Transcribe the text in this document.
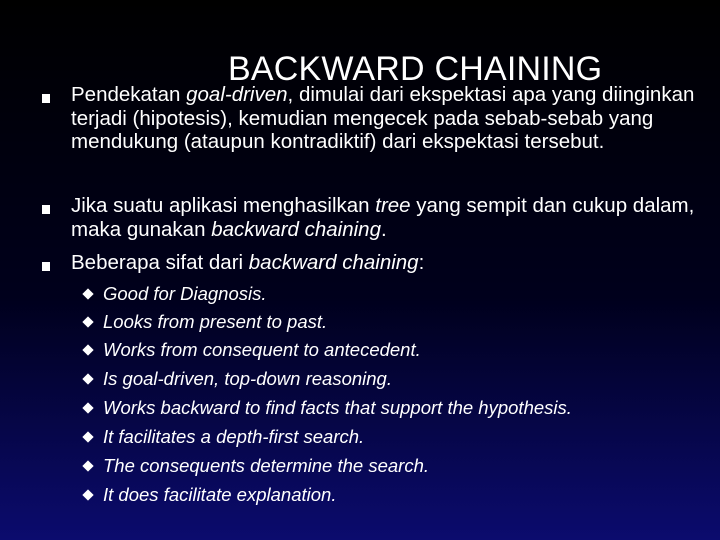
BACKWARD CHAINING
Pendekatan goal-driven, dimulai dari ekspektasi apa yang diinginkan terjadi (hipotesis), kemudian mengecek pada sebab-sebab yang mendukung (ataupun kontradiktif) dari ekspektasi tersebut.
Jika suatu aplikasi menghasilkan tree yang sempit dan cukup dalam, maka gunakan backward chaining.
Beberapa sifat dari backward chaining:
Good for Diagnosis.
Looks from present to past.
Works from consequent to antecedent.
Is goal-driven, top-down reasoning.
Works backward to find facts that support the hypothesis.
It facilitates a depth-first search.
The consequents determine the search.
It does facilitate explanation.
